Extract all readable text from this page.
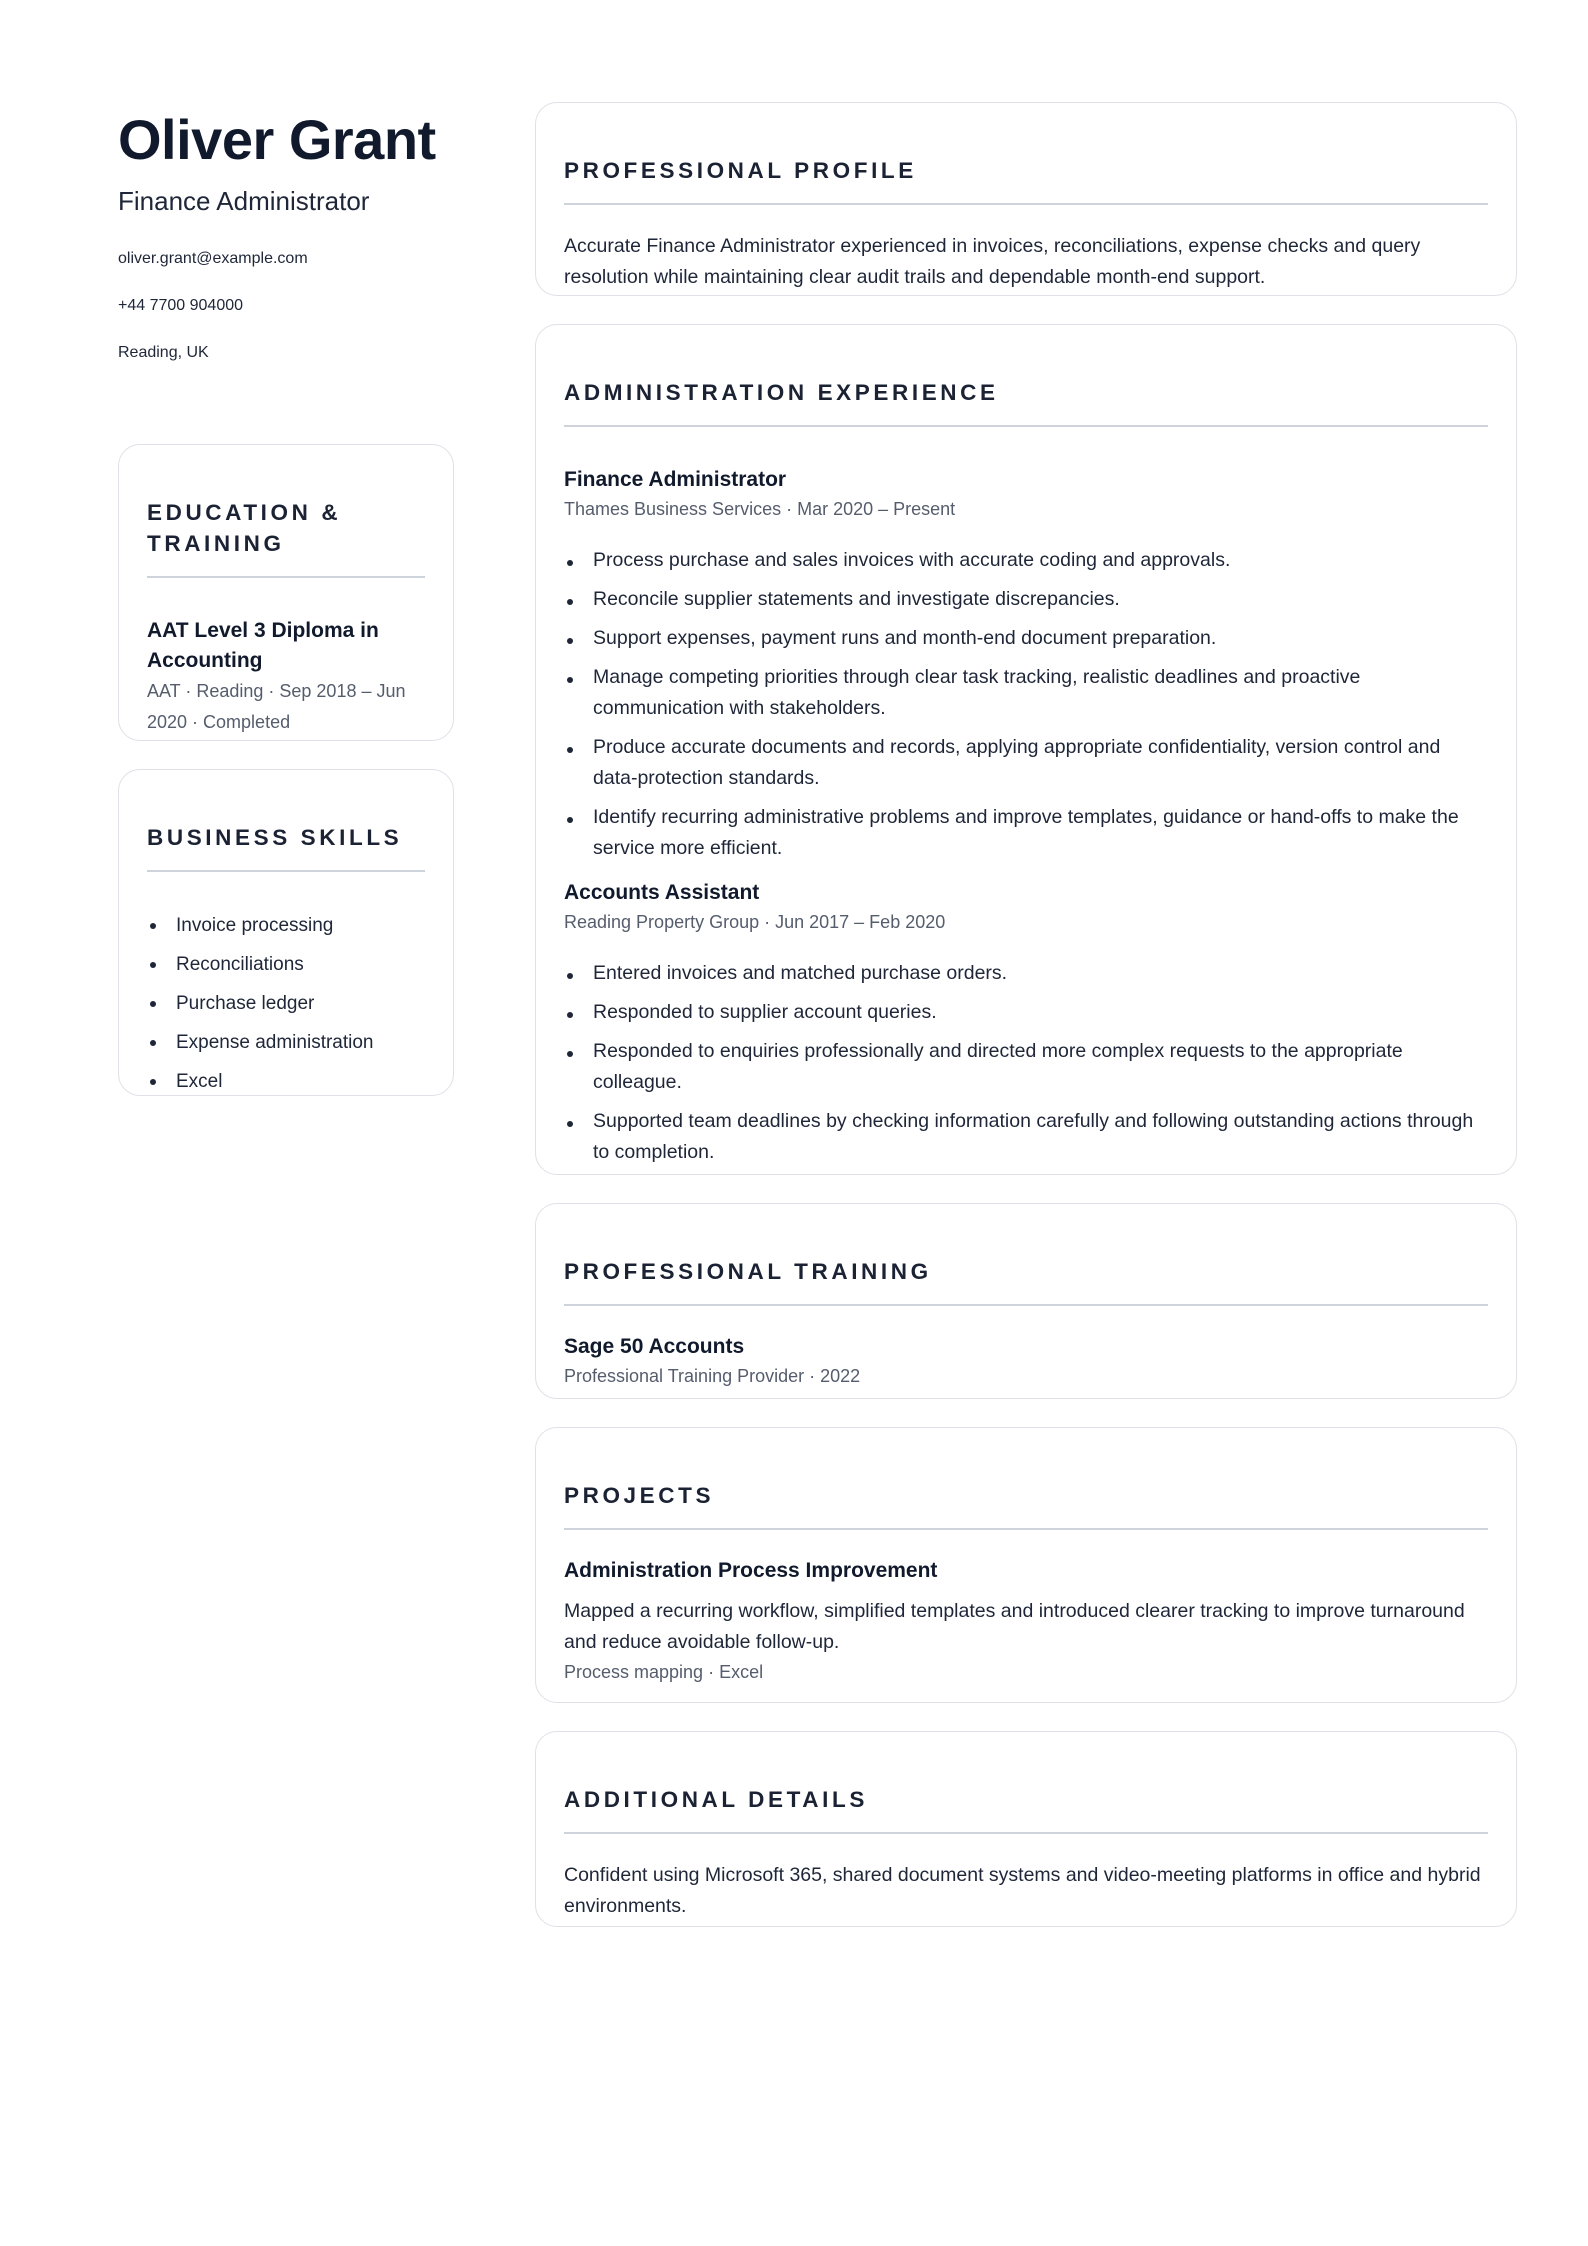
Oliver Grant
Finance Administrator
oliver.grant@example.com
+44 7700 904000
Reading, UK
EDUCATION & TRAINING
AAT Level 3 Diploma in Accounting
AAT · Reading · Sep 2018 – Jun 2020 · Completed
BUSINESS SKILLS
Invoice processing
Reconciliations
Purchase ledger
Expense administration
Excel
PROFESSIONAL PROFILE
Accurate Finance Administrator experienced in invoices, reconciliations, expense checks and query resolution while maintaining clear audit trails and dependable month-end support.
ADMINISTRATION EXPERIENCE
Finance Administrator
Thames Business Services · Mar 2020 – Present
Process purchase and sales invoices with accurate coding and approvals.
Reconcile supplier statements and investigate discrepancies.
Support expenses, payment runs and month-end document preparation.
Manage competing priorities through clear task tracking, realistic deadlines and proactive communication with stakeholders.
Produce accurate documents and records, applying appropriate confidentiality, version control and data-protection standards.
Identify recurring administrative problems and improve templates, guidance or hand-offs to make the service more efficient.
Accounts Assistant
Reading Property Group · Jun 2017 – Feb 2020
Entered invoices and matched purchase orders.
Responded to supplier account queries.
Responded to enquiries professionally and directed more complex requests to the appropriate colleague.
Supported team deadlines by checking information carefully and following outstanding actions through to completion.
PROFESSIONAL TRAINING
Sage 50 Accounts
Professional Training Provider · 2022
PROJECTS
Administration Process Improvement
Mapped a recurring workflow, simplified templates and introduced clearer tracking to improve turnaround and reduce avoidable follow-up.
Process mapping · Excel
ADDITIONAL DETAILS
Confident using Microsoft 365, shared document systems and video-meeting platforms in office and hybrid environments.
